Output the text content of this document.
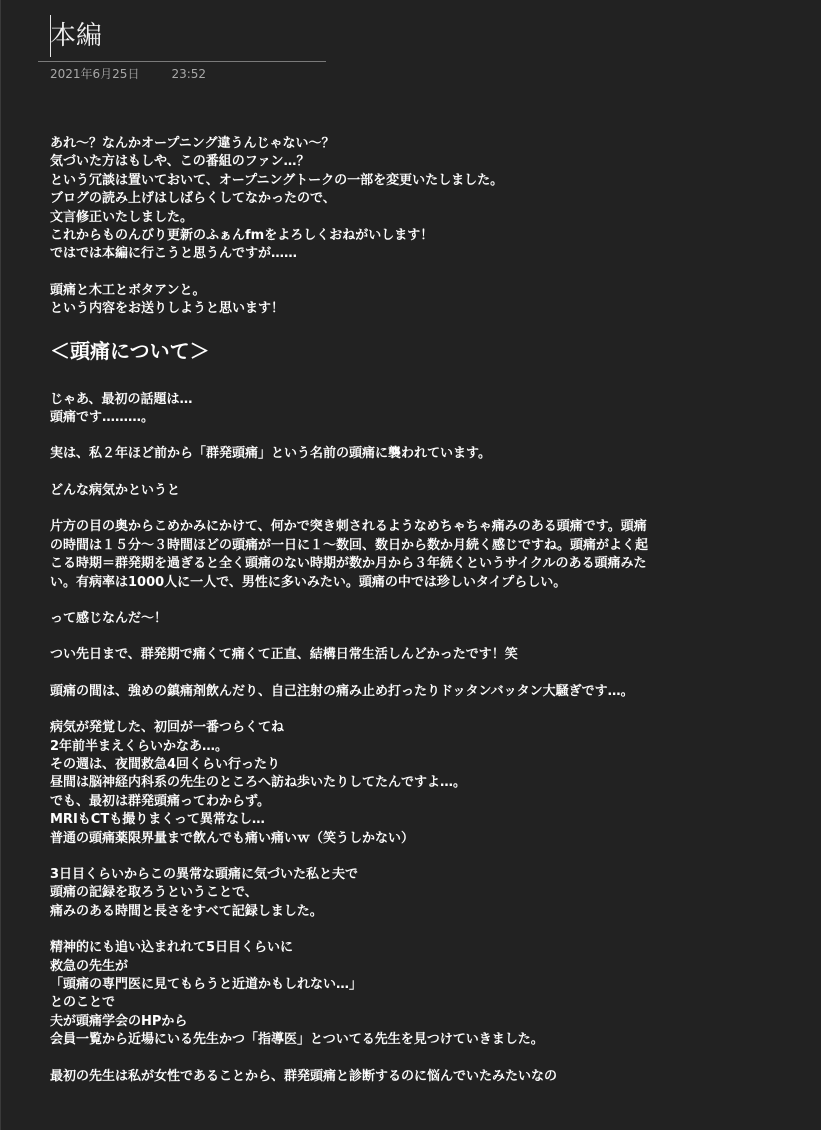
本編
2021年6月25日	23:52

あれ〜？なんかオープニング違うんじゃない〜？
気づいた方はもしや、この番組のファン…？
という冗談は置いておいて、オープニングトークの一部を変更いたしました。
ブログの読み上げはしばらくしてなかったので、
文言修正いたしました。
これからものんびり更新のふぁんfmをよろしくおねがいします！
ではでは本編に行こうと思うんですが……

頭痛と木工とボタアンと。
という内容をお送りしようと思います！

＜頭痛について＞

じゃあ、最初の話題は…
頭痛です………。

実は、私２年ほど前から「群発頭痛」という名前の頭痛に襲われています。

どんな病気かというと

片方の目の奥からこめかみにかけて、何かで突き刺されるようなめちゃちゃ痛みのある頭痛です。頭痛の時間は１５分〜３時間ほどの頭痛が一日に１〜数回、数日から数か月続く感じですね。頭痛がよく起こる時期＝群発期を過ぎると全く頭痛のない時期が数か月から３年続くというサイクルのある頭痛みたい。有病率は1000人に一人で、男性に多いみたい。頭痛の中では珍しいタイプらしい。

って感じなんだ〜！

つい先日まで、群発期で痛くて痛くて正直、結構日常生活しんどかったです！笑

頭痛の間は、強めの鎮痛剤飲んだり、自己注射の痛み止め打ったりドッタンバッタン大騒ぎです…。

病気が発覚した、初回が一番つらくてね
2年前半まえくらいかなあ…。
その週は、夜間救急4回くらい行ったり
昼間は脳神経内科系の先生のところへ訪ね歩いたりしてたんですよ…。
でも、最初は群発頭痛ってわからず。
MRIもCTも撮りまくって異常なし…
普通の頭痛薬限界量まで飲んでも痛い痛いｗ（笑うしかない）

3日目くらいからこの異常な頭痛に気づいた私と夫で
頭痛の記録を取ろうということで、
痛みのある時間と長さをすべて記録しました。

精神的にも追い込まれれて5日目くらいに
救急の先生が
「頭痛の専門医に見てもらうと近道かもしれない…」
とのことで
夫が頭痛学会のHPから
会員一覧から近場にいる先生かつ「指導医」とついてる先生を見つけていきました。

最初の先生は私が女性であることから、群発頭痛と診断するのに悩んでいたみたいなの
